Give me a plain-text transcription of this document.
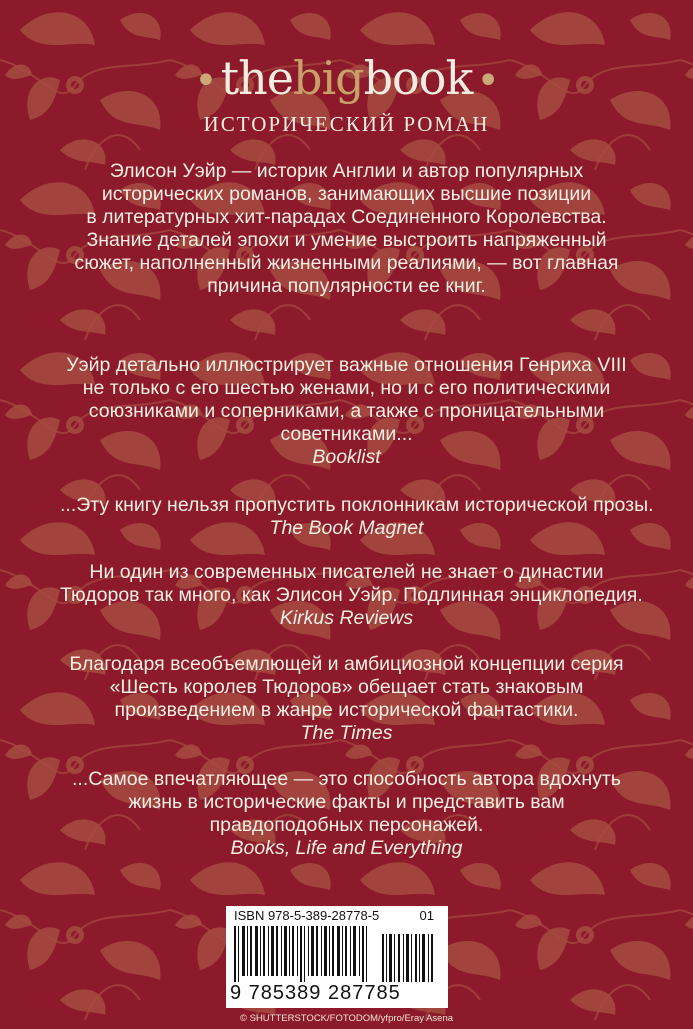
•thebigbook •
ИСТОРИЧЕСКИЙ РОМАН
Элисон Уэйр — историк Англии и автор популярных
исторических романов, занимающих высшие позиции
в литературных хит-парадах Соединенного Королевства.
Знание деталей эпохи и умение выстроить напряженный
сюжет, наполненный жизненными реалиями, — вот главная
причина популярности ее книг.
Уэйр детально иллюстрирует важные отношения Генриха VIII
не только с его шестью женами, но и с его политическими
союзниками и соперниками, а также с проницательными
советниками...
Booklist
...Эту книгу нельзя пропустить поклонникам исторической прозы.
The Book Magnet
Ни один из современных писателей не знает о династии
Тюдоров так много, как Элисон Уэйр. Подлинная энциклопедия.
Kirkus Reviews
Благодаря всеобъемлющей и амбициозной концепции серия
«Шесть королев Тюдоров» обещает стать знаковым
произведением в жанре исторической фантастики.
The Times
...Самое впечатляющее — это способность автора вдохнуть
жизнь в исторические факты и представить вам
правдоподобных персонажей.
Books, Life and Everything
ISBN 978-5-389-28778-5	01
9 785389 287785
© SHUTTERSTOCK/FOTODOM/yfpro/Eray Asena
